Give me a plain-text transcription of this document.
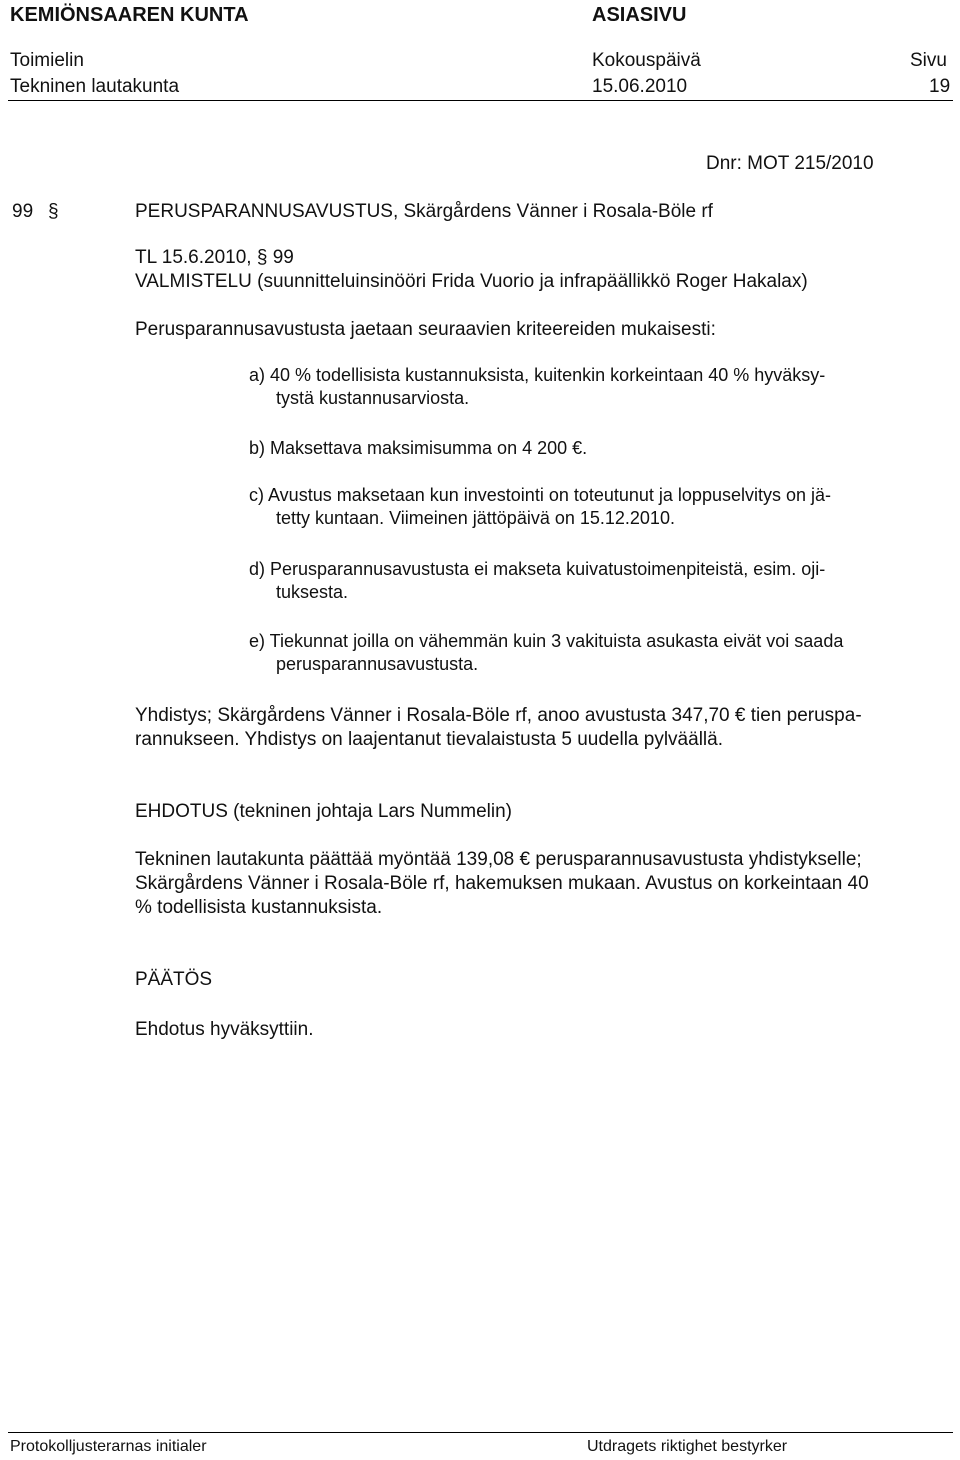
KEMIÖNSAAREN KUNTA	ASIASIVU
Toimielin	Kokouspäivä	Sivu
Tekninen lautakunta	15.06.2010	19
Dnr: MOT 215/2010
99 §	PERUSPARANNUSAVUSTUS, Skärgårdens Vänner i Rosala-Böle rf
TL 15.6.2010, § 99
VALMISTELU (suunnitteluinsinööri Frida Vuorio ja infrapäällikkö Roger Hakalax)
Perusparannusavustusta jaetaan seuraavien kriteereiden mukaisesti:
a) 40 % todellisista kustannuksista, kuitenkin korkeintaan 40 % hyväksy-
tystä kustannusarviosta.
b) Maksettava maksimisumma on 4 200 €.
c) Avustus maksetaan kun investointi on toteutunut ja loppuselvitys on jä-
tetty kuntaan. Viimeinen jättöpäivä on 15.12.2010.
d) Perusparannusavustusta ei makseta kuivatustoimenpiteistä, esim. oji-
tuksesta.
e) Tiekunnat joilla on vähemmän kuin 3 vakituista asukasta eivät voi saada
perusparannusavustusta.
Yhdistys; Skärgårdens Vänner i Rosala-Böle rf, anoo avustusta 347,70 € tien peruspa-
rannukseen. Yhdistys on laajentanut tievalaistusta 5 uudella pylväällä.
EHDOTUS (tekninen johtaja Lars Nummelin)
Tekninen lautakunta päättää myöntää 139,08 € perusparannusavustusta yhdistykselle;
Skärgårdens Vänner i Rosala-Böle rf, hakemuksen mukaan. Avustus on korkeintaan 40
% todellisista kustannuksista.
PÄÄTÖS
Ehdotus hyväksyttiin.
Protokolljusterarnas initialer	Utdragets riktighet bestyrker
